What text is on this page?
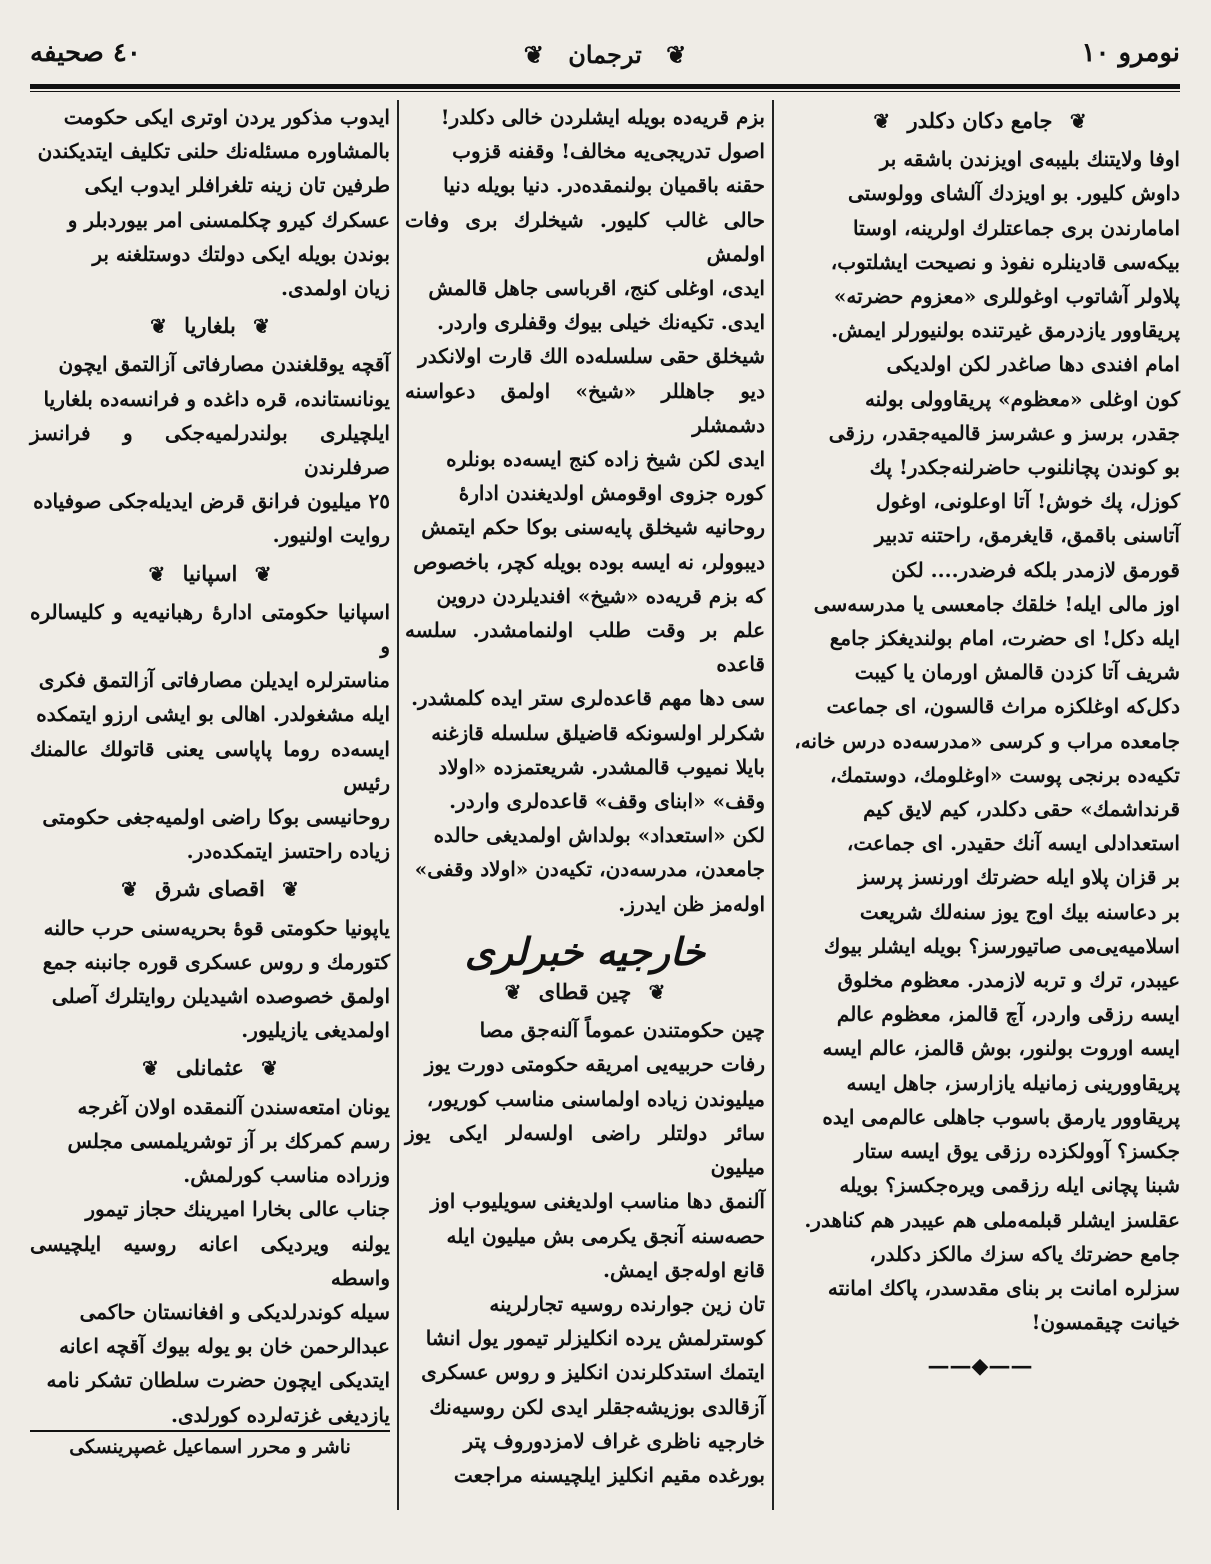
نومرو ١٠
❦ ترجمان ❦
٤٠ صحيفه
❦ جامع دکان دکلدر ❦

اوفا ولايتنك بليبه‌ى اويزندن باشقه بر

داوش كليور. بو اويزدك آلشاى وولوستى

امامارندن برى جماعتلرك اولرينه، اوستا

بيكه‌سى قادينلره نفوذ و نصيحت ايشلتوب،

پلاولر آشاتوب اوغوللرى «معزوم حضرته»

پريقاوور يازدرمق غيرتنده بولنيورلر ايمش.

امام افندى دها صاغدر لكن اولديكى

كون اوغلى «معظوم» پريقاوولى بولنه

جقدر، برسز و عشرسز قالميه‌جقدر، رزقى

بو كوندن پچانلنوب حاضرلنه‌جكدر! پك

كوزل، پك خوش! آتا اوعلونى، اوغول

آتاسنى باقمق، قايغرمق، راحتنه تدبير

قورمق لازمدر بلكه فرضدر.... لكن

اوز مالى ايله! خلقك جامعسى يا مدرسه‌سى

ايله دكل! اى حضرت، امام بولنديغكز جامع

شريف آتا كزدن قالمش اورمان يا كيبت

دكل‌كه اوغلكزه مراث قالسون، اى جماعت

جامعده مراب و كرسى «مدرسه‌ده درس خانه،

تكيه‌ده برنجى پوست «اوغلومك، دوستمك،

قرنداشمك» حقى دكلدر، كيم لايق كيم

استعدادلى ايسه آنك حقيدر. اى جماعت،

بر قزان پلاو ايله حضرتك اورنسز پرسز

بر دعاسنه بيك اوج يوز سنه‌لك شريعت

اسلاميه‌يى‌مى صاتيورسز؟ بويله ايشلر بيوك

عيبدر، ترك و تربه لازمدر. معظوم مخلوق

ايسه رزقى واردر، آچ قالمز، معظوم عالم

ايسه اوروت بولنور، بوش قالمز، عالم ايسه

پريقاوورينى زمانيله يازارسز، جاهل ايسه

پريقاوور يارمق باسوب جاهلى عالم‌مى ايده

جكسز؟ آوولكزده رزقى يوق ايسه ستار

شبنا پچانى ايله رزقمى ويره‌جكسز؟ بويله

عقلسز ايشلر قبلمه‌ملى هم عيبدر هم كناهدر.

جامع حضرتك ياكه سزك مالكز دكلدر،

سزلره امانت بر بناى مقدسدر، پاكك امانته

خيانت چيقمسون!

——◆——

بزم قريه‌ده بويله ايشلردن خالى دكلدر!

اصول تدريجى‌يه مخالف! وقفنه قزوب

حقنه باقميان بولنمقده‌در. دنيا بويله دنيا

حالى غالب كليور. شيخلرك برى وفات اولمش

ايدى، اوغلى كنج، اقرباسى جاهل قالمش

ايدى. تكيه‌نك خيلى بيوك وقفلرى واردر.

شيخلق حقى سلسله‌ده الك قارت اولانكدر

ديو جاهللر «شيخ» اولمق دعواسنه دشمشلر

ايدى لكن شيخ زاده كنج ايسه‌ده بونلره

كوره جزوى اوقومش اولديغندن ادارهٔ

روحانيه شيخلق پايه‌سنى بوكا حكم ايتمش

ديبوولر، نه ايسه بوده بويله كچر، باخصوص

كه بزم قريه‌ده «شيخ» افنديلردن دروين

علم بر وقت طلب اولنمامشدر. سلسه قاعده

سى دها مهم قاعده‌لرى ستر ايده كلمشدر.

شكرلر اولسونكه قاضيلق سلسله قازغنه

بايلا نميوب قالمشدر. شريعتمزده «اولاد

وقف» «ابناى وقف» قاعده‌لرى واردر.

لكن «استعداد» بولداش اولمديغى حالده

جامعدن، مدرسه‌دن، تكيه‌دن «اولاد وقفى»

اوله‌مز ظن ايدرز.

خارجيه خبرلرى
❦ چين قطاى ❦

چين حكومتندن عموماً آلنه‌جق مصا

رفات حربيه‌يى امريقه حكومتى دورت يوز

ميليوندن زياده اولماسنى مناسب كوريور،

سائر دولتلر راضى اولسه‌لر ايكى يوز ميليون

آلنمق دها مناسب اولديغنى سويليوب اوز

حصه‌سنه آنجق يكرمى بش ميليون ايله

قانع اوله‌جق ايمش.

تان زين جوارنده روسيه تجارلرينه

كوسترلمش يرده انكليزلر تيمور يول انشا

ايتمك استدكلرندن انكليز و روس عسكرى

آزقالدى بوزيشه‌جقلر ايدى لكن روسيه‌نك

خارجيه ناظرى غراف لامزدوروف پتر

بورغده مقيم انكليز ايلچيسنه مراجعت

ايدوب مذكور يردن اوترى ايكى حكومت

بالمشاوره مسئله‌نك حلنى تكليف ايتديكندن

طرفين تان زينه تلغرافلر ايدوب ايكى

عسكرك كيرو چكلمسنى امر بيوردبلر و

بوندن بويله ايكى دولتك دوستلغنه بر

زيان اولمدى.

❦ بلغاريا ❦

آقچه يوقلغندن مصارفاتى آزالتمق ايچون

يونانستانده، قره داغده و فرانسه‌ده بلغاريا

ايلچيلرى بولندرلميه‌جكى و فرانسز صرفلرندن

٢٥ ميليون فرانق قرض ايديله‌جكى صوفياده

روايت اولنيور.

❦ اسپانيا ❦

اسپانيا حكومتى ادارهٔ رهبانيه‌يه و كليسالره و

مناسترلره ايديلن مصارفاتى آزالتمق فكرى

ايله مشغولدر. اهالى بو ايشى ارزو ايتمكده

ايسه‌ده روما پاپاسى يعنى قاتولك عالمنك رئيس

روحانيسى بوكا راضى اولميه‌جغى حكومتى

زياده راحتسز ايتمكده‌در.

❦ اقصاى شرق ❦

ياپونيا حكومتى قوهٔ بحريه‌سنى حرب حالنه

كتورمك و روس عسكرى قوره جانبنه جمع

اولمق خصوصده اشيديلن روايتلرك آصلى

اولمديغى يازيليور.

❦ عثمانلى ❦

يونان امتعه‌سندن آلنمقده اولان آغرجه

رسم كمركك بر آز توشريلمسى مجلس

وزراده مناسب كورلمش.

جناب عالى بخارا اميرينك حجاز تيمور

يولنه ويرديكى اعانه روسيه ايلچيسى واسطه

سيله كوندرلديكى و افغانستان حاكمى

عبدالرحمن خان بو يوله بيوك آقچه اعانه

ايتديكى ايچون حضرت سلطان تشكر نامه

يازديغى غزته‌لرده كورلدى.

ناشر و محرر اسماعيل غصپرينسكى
